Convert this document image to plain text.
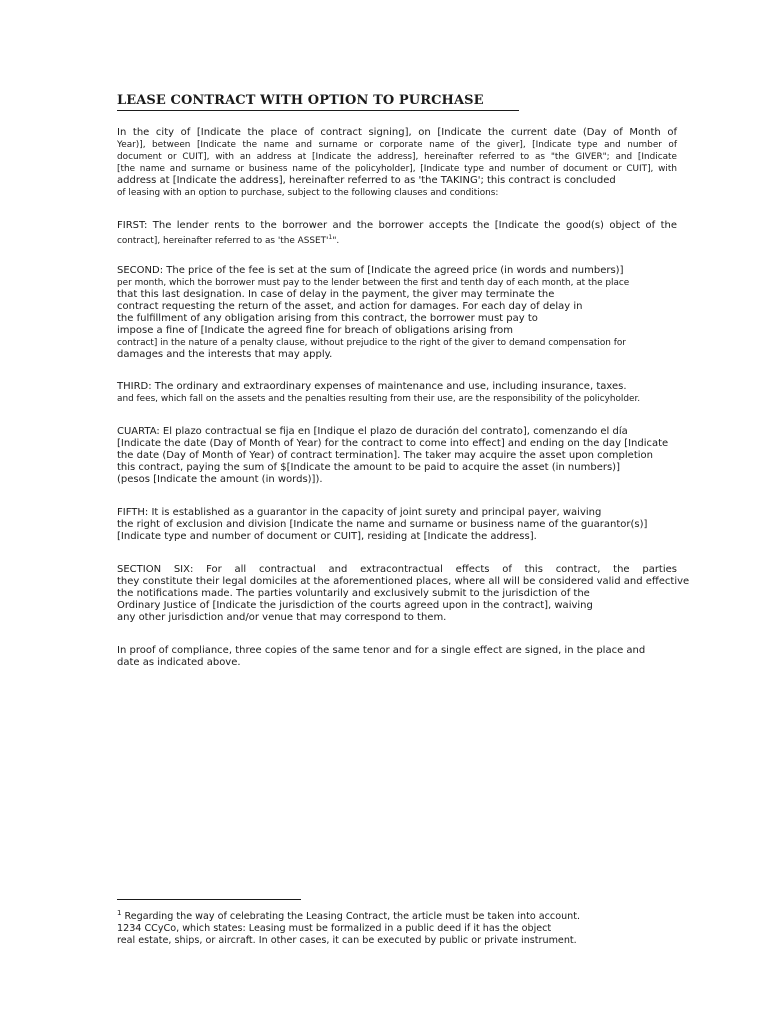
LEASE CONTRACT WITH OPTION TO PURCHASE
In the city of [Indicate the place of contract signing], on [Indicate the current date (Day of Month of
Year)], between [Indicate the name and surname or corporate name of the giver], [Indicate type and number of
document or CUIT], with an address at [Indicate the address], hereinafter referred to as "the GIVER"; and [Indicate
[the name and surname or business name of the policyholder], [Indicate type and number of document or CUIT], with
address at [Indicate the address], hereinafter referred to as 'the TAKING'; this contract is concluded
of leasing with an option to purchase, subject to the following clauses and conditions:
FIRST: The lender rents to the borrower and the borrower accepts the [Indicate the good(s) object of the
contract], hereinafter referred to as 'the ASSET'$^1$".
SECOND: The price of the fee is set at the sum of [Indicate the agreed price (in words and numbers)]
per month, which the borrower must pay to the lender between the first and tenth day of each month, at the place
that this last designation. In case of delay in the payment, the giver may terminate the
contract requesting the return of the asset, and action for damages. For each day of delay in
the fulfillment of any obligation arising from this contract, the borrower must pay to
impose a fine of [Indicate the agreed fine for breach of obligations arising from
contract] in the nature of a penalty clause, without prejudice to the right of the giver to demand compensation for
damages and the interests that may apply.
THIRD: The ordinary and extraordinary expenses of maintenance and use, including insurance, taxes.
and fees, which fall on the assets and the penalties resulting from their use, are the responsibility of the policyholder.
CUARTA: El plazo contractual se fija en [Indique el plazo de duración del contrato], comenzando el día
[Indicate the date (Day of Month of Year) for the contract to come into effect] and ending on the day [Indicate
the date (Day of Month of Year) of contract termination]. The taker may acquire the asset upon completion
this contract, paying the sum of $[Indicate the amount to be paid to acquire the asset (in numbers)]
(pesos [Indicate the amount (in words)]).
FIFTH: It is established as a guarantor in the capacity of joint surety and principal payer, waiving
the right of exclusion and division [Indicate the name and surname or business name of the guarantor(s)]
[Indicate type and number of document or CUIT], residing at [Indicate the address].
SECTION SIX: For all contractual and extracontractual effects of this contract, the parties
they constitute their legal domiciles at the aforementioned places, where all will be considered valid and effective
the notifications made. The parties voluntarily and exclusively submit to the jurisdiction of the
Ordinary Justice of [Indicate the jurisdiction of the courts agreed upon in the contract], waiving
any other jurisdiction and/or venue that may correspond to them.
In proof of compliance, three copies of the same tenor and for a single effect are signed, in the place and
date as indicated above.
$^1$ Regarding the way of celebrating the Leasing Contract, the article must be taken into account.
1234 CCyCo, which states: Leasing must be formalized in a public deed if it has the object
real estate, ships, or aircraft. In other cases, it can be executed by public or private instrument.
